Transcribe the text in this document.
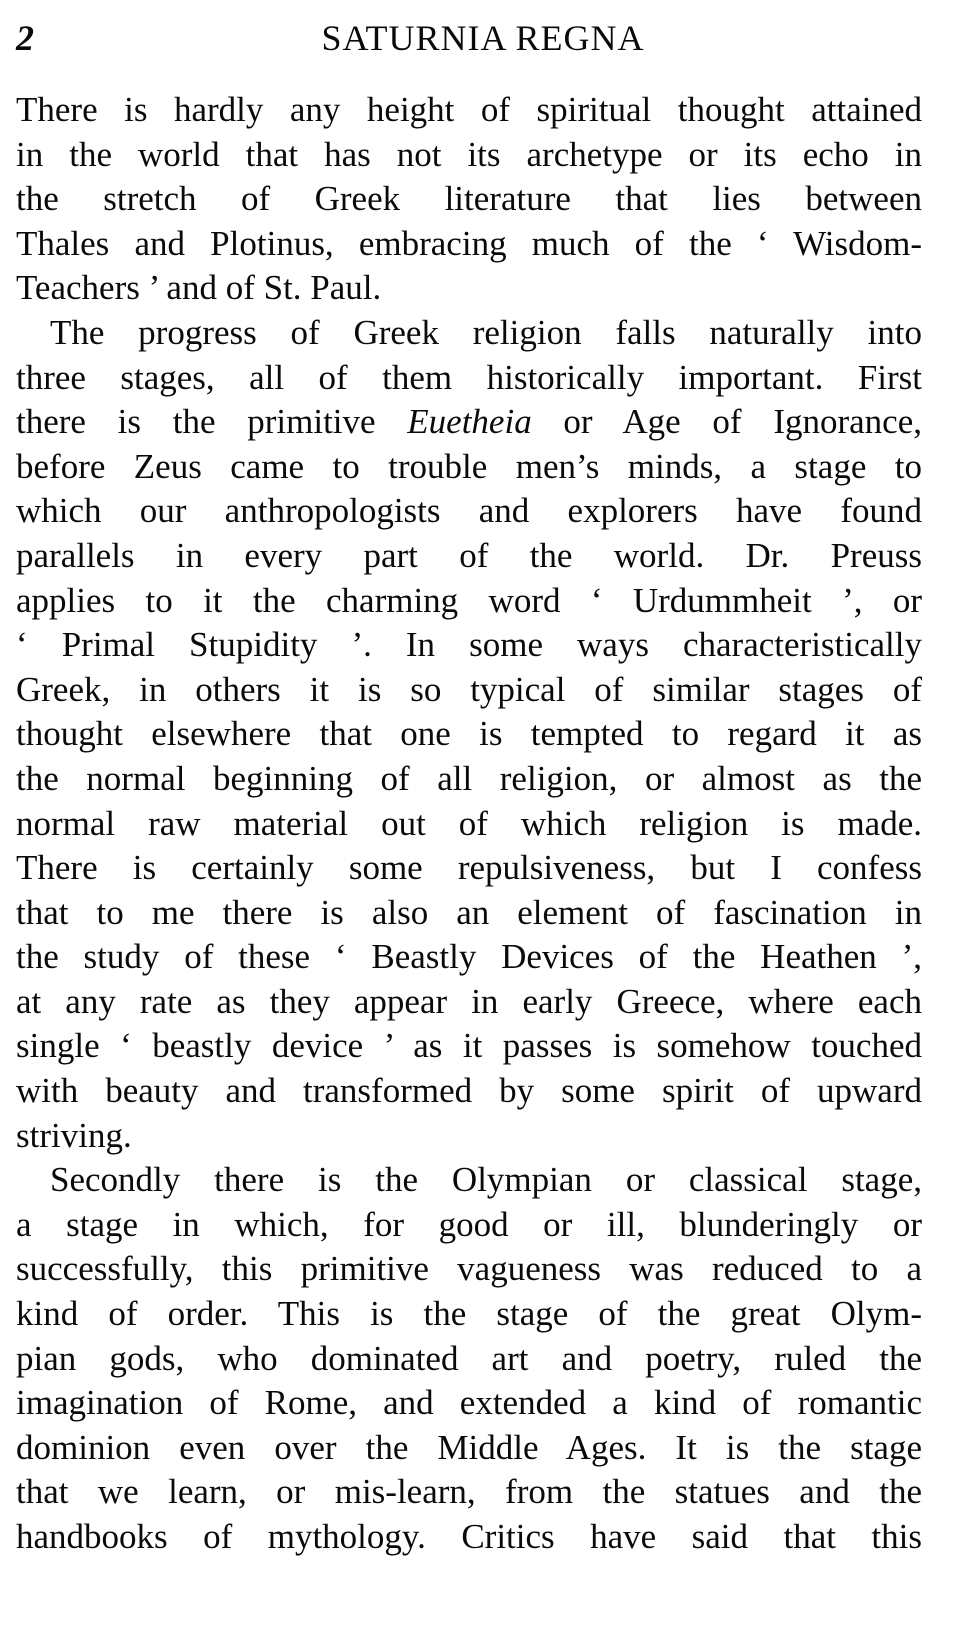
2	SATURNIA REGNA
There is hardly any height of spiritual thought attained
in the world that has not its archetype or its echo in
the stretch of Greek literature that lies between
Thales and Plotinus, embracing much of the ‘ Wisdom-
Teachers ’ and of St. Paul.
The progress of Greek religion falls naturally into
three stages, all of them historically important. First
there is the primitive Euetheia or Age of Ignorance,
before Zeus came to trouble men’s minds, a stage to
which our anthropologists and explorers have found
parallels in every part of the world. Dr. Preuss
applies to it the charming word ‘ Urdummheit ’, or
‘ Primal Stupidity ’. In some ways characteristically
Greek, in others it is so typical of similar stages of
thought elsewhere that one is tempted to regard it as
the normal beginning of all religion, or almost as the
normal raw material out of which religion is made.
There is certainly some repulsiveness, but I confess
that to me there is also an element of fascination in
the study of these ‘ Beastly Devices of the Heathen ’,
at any rate as they appear in early Greece, where each
single ‘ beastly device ’ as it passes is somehow touched
with beauty and transformed by some spirit of upward
striving.
Secondly there is the Olympian or classical stage,
a stage in which, for good or ill, blunderingly or
successfully, this primitive vagueness was reduced to a
kind of order. This is the stage of the great Olym-
pian gods, who dominated art and poetry, ruled the
imagination of Rome, and extended a kind of romantic
dominion even over the Middle Ages. It is the stage
that we learn, or mis-learn, from the statues and the
handbooks of mythology. Critics have said that this
